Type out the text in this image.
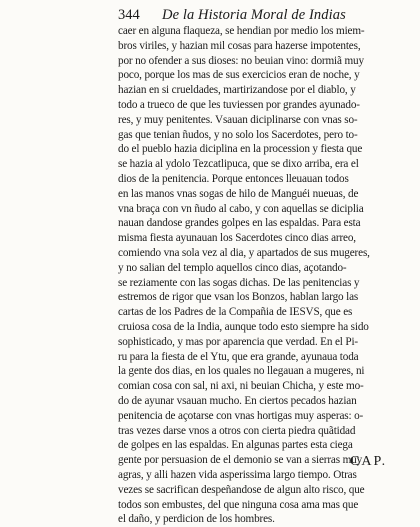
344 De la Historia Moral de Indias
caer en alguna flaqueza, se hendian por medio los miem-
bros viriles, y hazian mil cosas para hazerse impotentes,
por no ofender a sus dioses: no beuian vino: dormiã muy
poco, porque los mas de sus exercicios eran de noche, y
hazian en si crueldades, martirizandose por el diablo, y
todo a trueco de que les tuviessen por grandes ayunado-
res, y muy penitentes. Vsauan diciplinarse con vnas so-
gas que tenian ñudos, y no solo los Sacerdotes, pero to-
do el pueblo hazia diciplina en la procession y fiesta que
se hazia al ydolo Tezcatlipuca, que se dixo arriba, era el
dios de la penitencia. Porque entonces lleuauan todos
en las manos vnas sogas de hilo de Manguéi nueuas, de
vna braça con vn ñudo al cabo, y con aquellas se diciplia
nauan dandose grandes golpes en las espaldas. Para esta
misma fiesta ayunauan los Sacerdotes cinco dias arreo,
comiendo vna sola vez al dia, y apartados de sus mugeres,
y no salian del templo aquellos cinco dias, açotando-
se reziamente con las sogas dichas. De las penitencias y
estremos de rigor que vsan los Bonzos, hablan largo las
cartas de los Padres de la Compañia de IESVS, que es
cruiosa cosa de la India, aunque todo esto siempre ha sido
sophisticado, y mas por aparencia que verdad. En el Pi-
ru para la fiesta de el Ytu, que era grande, ayunaua toda
la gente dos dias, en los quales no llegauan a mugeres, ni
comian cosa con sal, ni axi, ni beuian Chicha, y este mo-
do de ayunar vsauan mucho. En ciertos pecados hazian
penitencia de açotarse con vnas hortigas muy asperas: o-
tras vezes darse vnos a otros con cierta piedra quãtidad
de golpes en las espaldas. En algunas partes esta ciega
gente por persuasion de el demonio se van a sierras muy
agras, y alli hazen vida asperissima largo tiempo. Otras
vezes se sacrifican despeñandose de algun alto risco, que
todos son embustes, del que ninguna cosa ama mas que
el daño, y perdicion de los hombres.
CAP.
